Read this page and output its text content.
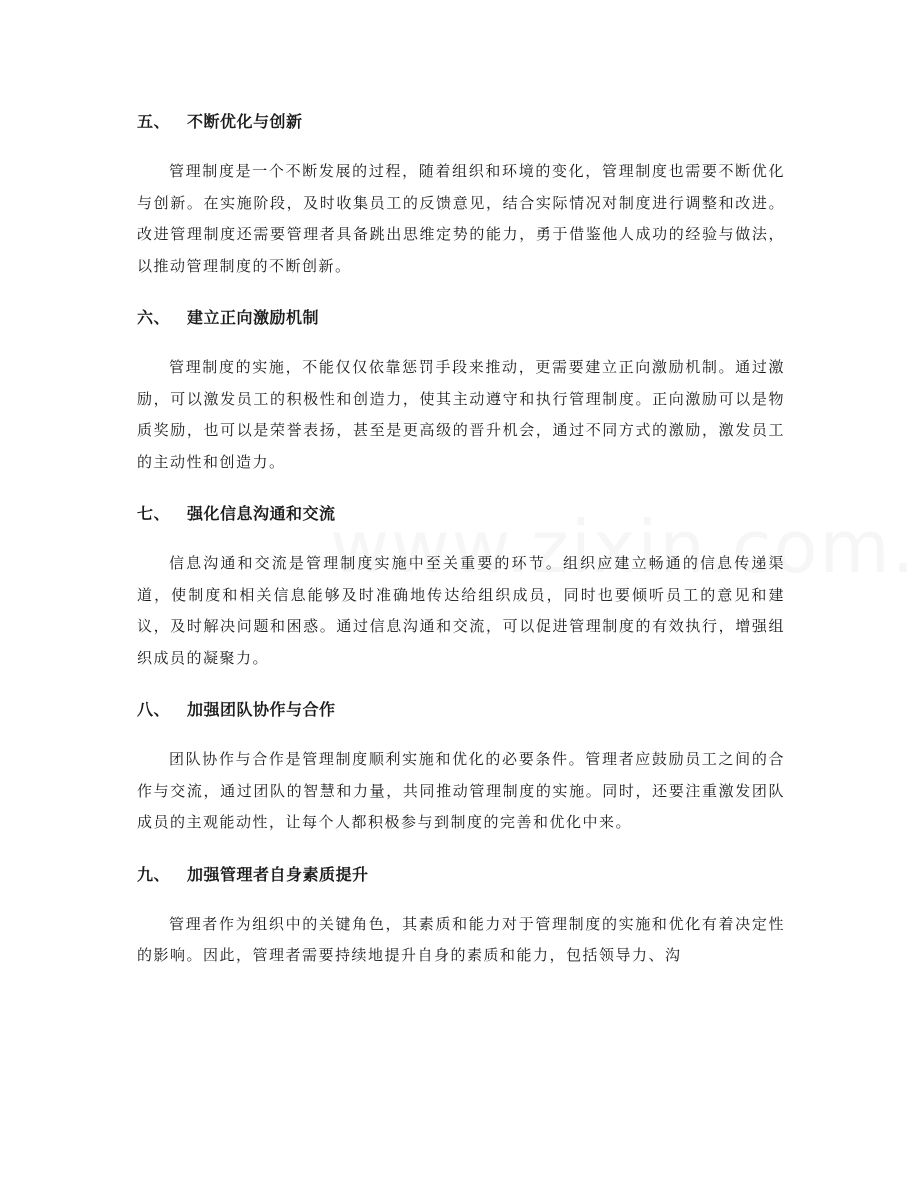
五、 不断优化与创新

管理制度是一个不断发展的过程，随着组织和环境的变化，管理制度也需要不断优化与创新。在实施阶段，及时收集员工的反馈意见，结合实际情况对制度进行调整和改进。改进管理制度还需要管理者具备跳出思维定势的能力，勇于借鉴他人成功的经验与做法，以推动管理制度的不断创新。

六、 建立正向激励机制

管理制度的实施，不能仅仅依靠惩罚手段来推动，更需要建立正向激励机制。通过激励，可以激发员工的积极性和创造力，使其主动遵守和执行管理制度。正向激励可以是物质奖励，也可以是荣誉表扬，甚至是更高级的晋升机会，通过不同方式的激励，激发员工的主动性和创造力。

七、 强化信息沟通和交流

信息沟通和交流是管理制度实施中至关重要的环节。组织应建立畅通的信息传递渠道，使制度和相关信息能够及时准确地传达给组织成员，同时也要倾听员工的意见和建议，及时解决问题和困惑。通过信息沟通和交流，可以促进管理制度的有效执行，增强组织成员的凝聚力。

八、 加强团队协作与合作

团队协作与合作是管理制度顺利实施和优化的必要条件。管理者应鼓励员工之间的合作与交流，通过团队的智慧和力量，共同推动管理制度的实施。同时，还要注重激发团队成员的主观能动性，让每个人都积极参与到制度的完善和优化中来。

九、 加强管理者自身素质提升

管理者作为组织中的关键角色，其素质和能力对于管理制度的实施和优化有着决定性的影响。因此，管理者需要持续地提升自身的素质和能力，包括领导力、沟
